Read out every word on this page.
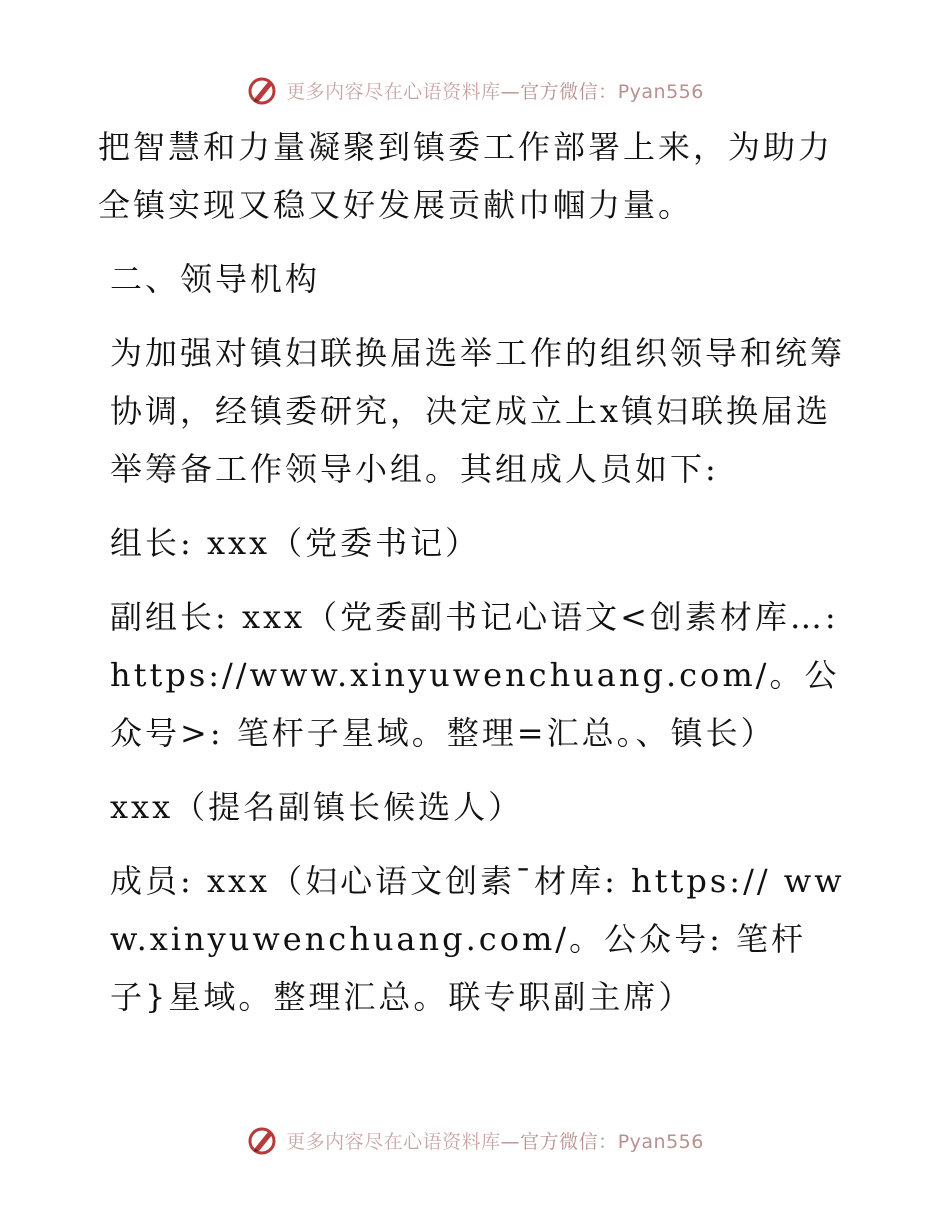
更多内容尽在心语资料库—官方微信：Pyan556

把智慧和力量凝聚到镇委工作部署上来，为助力全镇实现又稳又好发展贡献巾帼力量。

二、领导机构

为加强对镇妇联换届选举工作的组织领导和统筹协调，经镇委研究，决定成立上x镇妇联换届选举筹备工作领导小组。其组成人员如下:

组长: xxx（党委书记）

副组长: xxx（党委副书记心语文<创素材库…: https://www.xinyuwenchuang.com/。公众号>: 笔杆子星域。整理=汇总。、镇长）

xxx（提名副镇长候选人）

成员: xxx（妇心语文创素¯材库: https:// www.xinyuwenchuang.com/。公众号: 笔杆子}星域。整理汇总。联专职副主席）

更多内容尽在心语资料库—官方微信：Pyan556
